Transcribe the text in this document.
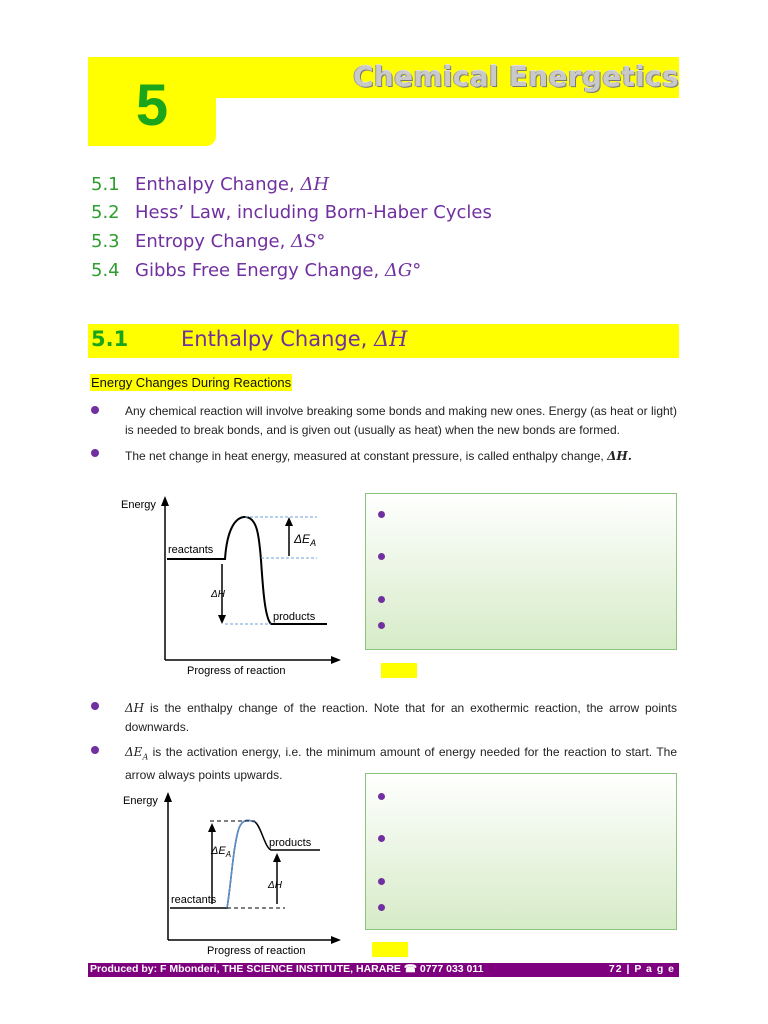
5	Chemical Energetics
5.1 Enthalpy Change, ΔH
5.2 Hess’ Law, including Born-Haber Cycles
5.3 Entropy Change, ΔS°
5.4 Gibbs Free Energy Change, ΔG°
5.1	Enthalpy Change, ΔH
Energy Changes During Reactions
Any chemical reaction will involve breaking some bonds and making new ones. Energy (as heat or light) is needed to break bonds, and is given out (usually as heat) when the new bonds are formed.
The net change in heat energy, measured at constant pressure, is called enthalpy change, ΔH.
Energy
Progress of reaction
$\Delta E_A$
ΔH
reactants
products
ΔH is the enthalpy change of the reaction. Note that for an exothermic reaction, the arrow points downwards.
$\Delta E_A$ is the activation energy, i.e. the minimum amount of energy needed for the reaction to start. The arrow always points upwards.
Energy
Progress of reaction
$\Delta E_A$
ΔH
reactants
products
Produced by: F Mbonderi, THE SCIENCE INSTITUTE, HARARE ☎ 0777 033 011	72 | P a g e
